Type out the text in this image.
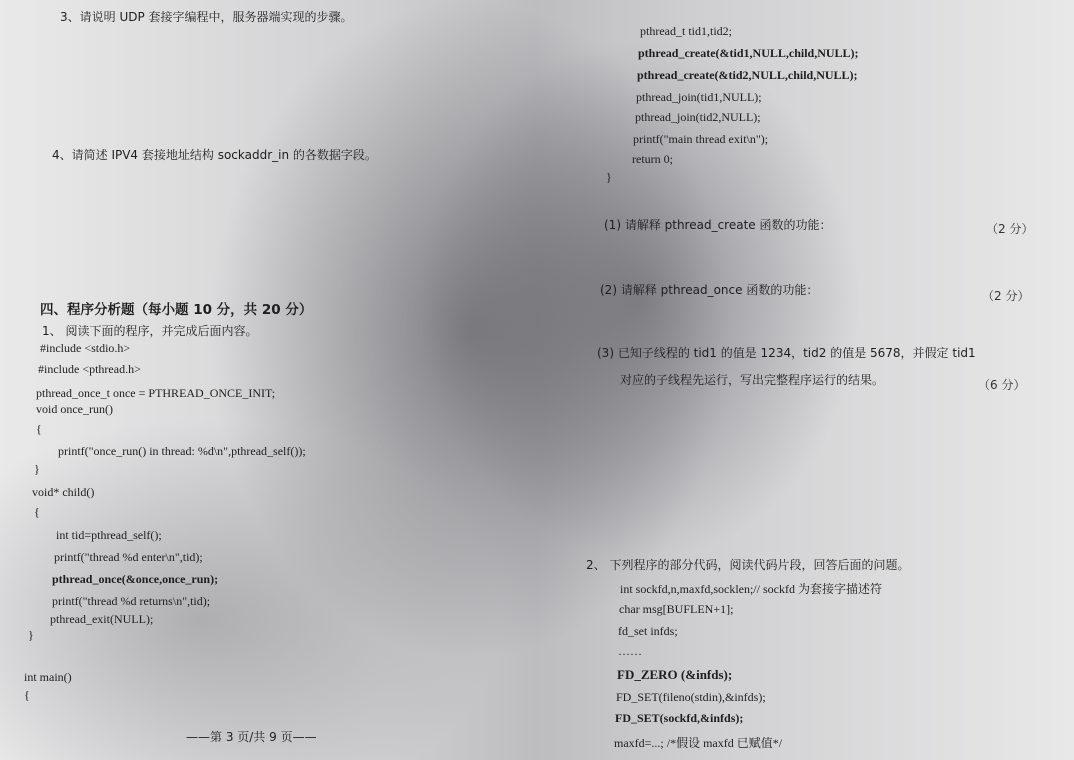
3、请说明 UDP 套接字编程中，服务器端实现的步骤。
4、请简述 IPV4 套接地址结构 sockaddr_in 的各数据字段。
四、程序分析题（每小题 10 分，共 20 分）
1、 阅读下面的程序，并完成后面内容。
#include <stdio.h>
#include <pthread.h>
pthread_once_t once = PTHREAD_ONCE_INIT;
void once_run()
{
printf("once_run() in thread: %d\n",pthread_self());
}
void* child()
{
int tid=pthread_self();
printf("thread %d enter\n",tid);
pthread_once(&once,once_run);
printf("thread %d returns\n",tid);
pthread_exit(NULL);
}
int main()
{
——第 3 页/共 9 页——
pthread_t tid1,tid2;
pthread_create(&tid1,NULL,child,NULL);
pthread_create(&tid2,NULL,child,NULL);
pthread_join(tid1,NULL);
pthread_join(tid2,NULL);
printf("main thread exit\n");
return 0;
}
(1) 请解释 pthread_create 函数的功能：	（2 分）
(2) 请解释 pthread_once 函数的功能：	（2 分）
(3) 已知子线程的 tid1 的值是 1234，tid2 的值是 5678，并假定 tid1
对应的子线程先运行，写出完整程序运行的结果。	（6 分）
2、 下列程序的部分代码，阅读代码片段，回答后面的问题。
int sockfd,n,maxfd,socklen;// sockfd 为套接字描述符
char msg[BUFLEN+1];
fd_set infds;
……
FD_ZERO (&infds);
FD_SET(fileno(stdin),&infds);
FD_SET(sockfd,&infds);
maxfd=...; /*假设 maxfd 已赋值*/
